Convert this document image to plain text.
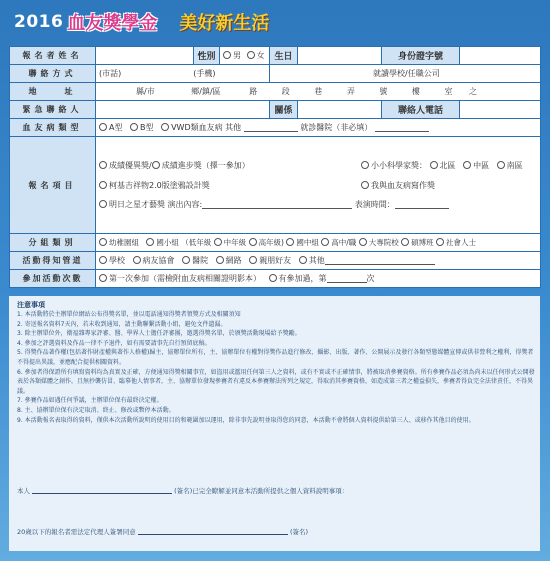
2016 血友獎學金 美好新生活
報名者姓名		性別	男 女	生日		身份證字號	
聯絡方式	(市話) (手機)			就讀學校/任職公司			
地　　址	縣/市 鄉/鎮/區 路 段 巷 弄 號 樓 室 之						
緊急聯絡人				關係		聯絡人電話	
血友病類型	A型 B型 VWD類血友病 其他 就診醫院（非必填）						
報名項目	成績優異獎/ 成績進步獎（擇一參加） 小小科學家獎： 北區 中區 南區
柯基吉祥物2.0版塗鴉設計獎 我與血友病寫作獎
明日之星才藝獎 演出內容: 表演時間：						

分組類別	幼稚園組 國小組 （低年級 中年級 高年級) 國中組 高中/職 大專院校 碩博班 社會人士						
活動得知管道	學校 病友協會 醫院 網路 親朋好友 其他						
參加活動次數	第一次參加（需檢附血友病相關證明影本） 有參加過，第 次						
注意事項
1. 本活動將於主辦單位網站公布得獎名單，並以電話通知得獎者領獎方式及相關須知
2. 寄送報名資料7天內，若未收到通知，請主動聯繫活動小組，避免文件遺漏。
3. 除主辦單位外，衛福雜專家評審、醫、學界人士擔任評審團，邀選得獎名單，於頒獎活動現場給予獎勵。
4. 參加之評選資料及作品一律不予退件，如有需要請事先自行預留底稿。
5. 得獎作品著作權(包括著作財產權與著作人格權)歸主，協辦單位所有，主、協辦單位有權對得獎作品進行修改、攝影、出版、著作、公開展示及發行各類型態媒體宣傳或供非營利之權利，得獎者不得提出異議，並應配合提供相關資料。
6. 參加者得保證所有填寫資料均為真實及正確，方便通知得獎相關事宜，如盜用或濫用任何第三人之資料，或有不實或不正確情事，將被取消參賽資格。所有參賽作品必須為尚未以任何形式公開發表於各類媒體之創作，且無抄襲仿冒、臨摹他人情事者，主、協辦單位發現參賽者有違反本參賽辦法所列之規定，得取消其參賽資格，如造成第三者之權益損失，參賽者得負完全法律責任，不得異議。
7. 參賽作品如遇任何爭議，主辦單位保有最終決定權。
8. 主、協辦單位保有決定取消、終止、修改或暫停本活動。
9. 本活動報名表取得的資料，僅供本次活動所說明的使用目的和範圍加以運用，除非事先說明並取得您的同意，本活動不會將個人資料提供給第三人、或移作其他目的使用。
本人	(簽名)已完全瞭解並同意本活動所提供之個人資料說明事項：
20歲以下的報名者需法定代理人簽署同意	(簽名)
